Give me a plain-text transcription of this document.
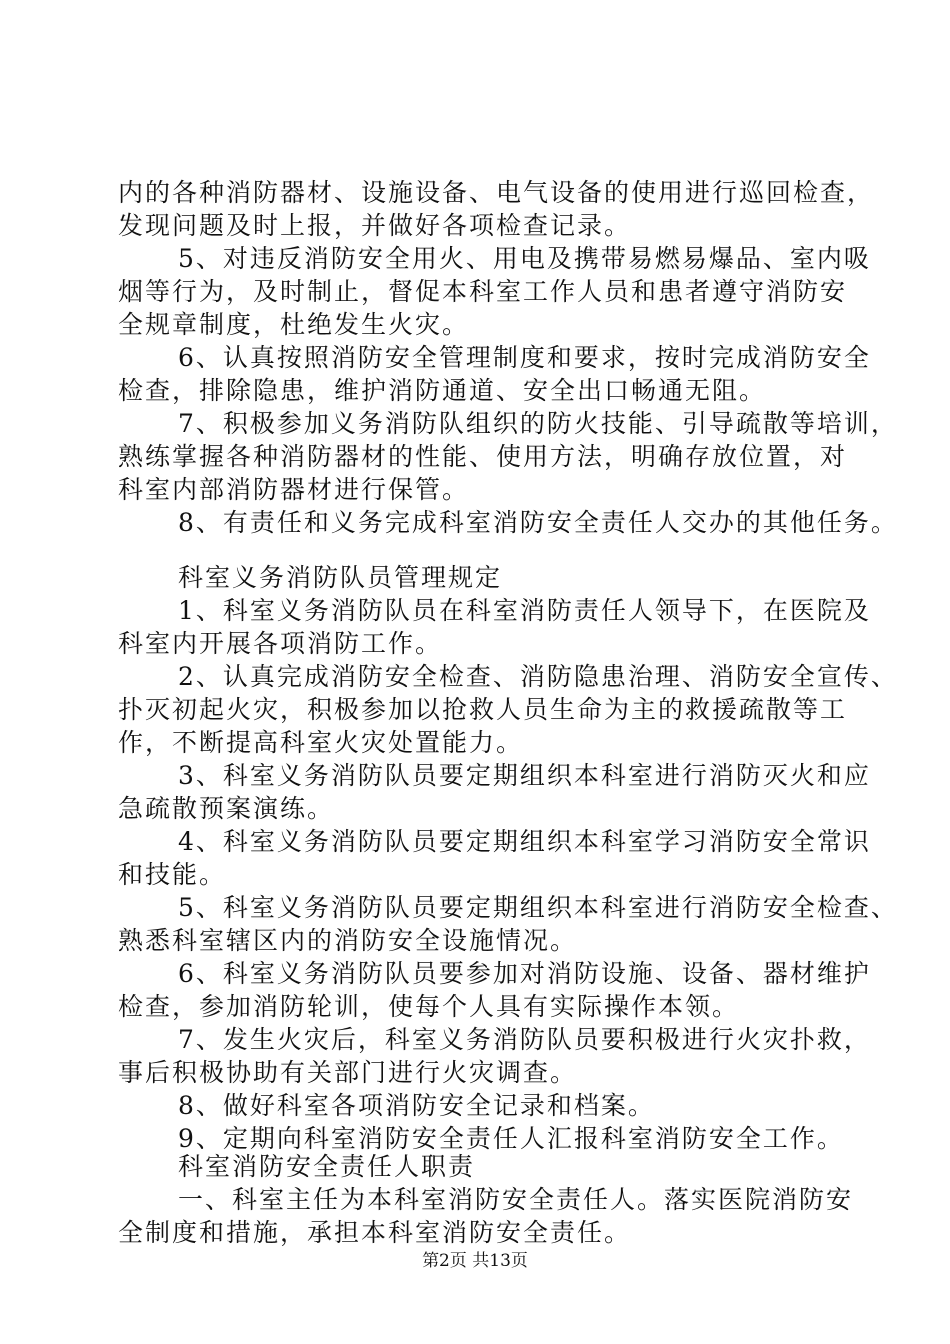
内的各种消防器材、设施设备、电气设备的使用进行巡回检查，
发现问题及时上报，并做好各项检查记录。
5、对违反消防安全用火、用电及携带易燃易爆品、室内吸
烟等行为，及时制止，督促本科室工作人员和患者遵守消防安
全规章制度，杜绝发生火灾。
6、认真按照消防安全管理制度和要求，按时完成消防安全
检查，排除隐患，维护消防通道、安全出口畅通无阻。
7、积极参加义务消防队组织的防火技能、引导疏散等培训，
熟练掌握各种消防器材的性能、使用方法，明确存放位置，对
科室内部消防器材进行保管。
8、有责任和义务完成科室消防安全责任人交办的其他任务。
科室义务消防队员管理规定
1、科室义务消防队员在科室消防责任人领导下，在医院及
科室内开展各项消防工作。
2、认真完成消防安全检查、消防隐患治理、消防安全宣传、
扑灭初起火灾，积极参加以抢救人员生命为主的救援疏散等工
作，不断提高科室火灾处置能力。
3、科室义务消防队员要定期组织本科室进行消防灭火和应
急疏散预案演练。
4、科室义务消防队员要定期组织本科室学习消防安全常识
和技能。
5、科室义务消防队员要定期组织本科室进行消防安全检查、
熟悉科室辖区内的消防安全设施情况。
6、科室义务消防队员要参加对消防设施、设备、器材维护
检查，参加消防轮训，使每个人具有实际操作本领。
7、发生火灾后，科室义务消防队员要积极进行火灾扑救，
事后积极协助有关部门进行火灾调查。
8、做好科室各项消防安全记录和档案。
9、定期向科室消防安全责任人汇报科室消防安全工作。
科室消防安全责任人职责
一、科室主任为本科室消防安全责任人。落实医院消防安
全制度和措施，承担本科室消防安全责任。
第2页 共13页
